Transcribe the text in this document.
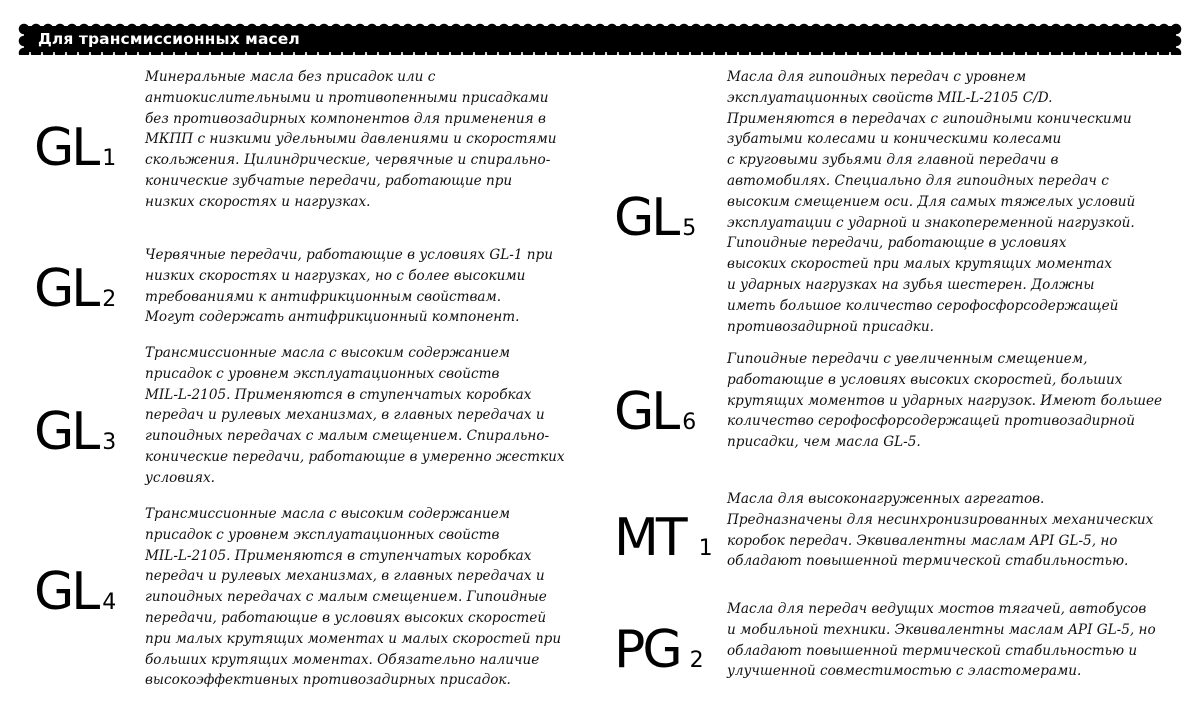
Для трансмиссионных масел
GL 1

Минеральные масла без присадок или с
антиокислительными и противопенными присадками
без противозадирных компонентов для применения в
МКПП с низкими удельными давлениями и скоростями
скольжения. Цилиндрические, червячные и спирально-
конические зубчатые передачи, работающие при
низких скоростях и нагрузках.

GL 2

Червячные передачи, работающие в условиях GL-1 при
низких скоростях и нагрузках, но с более высокими
требованиями к антифрикционным свойствам.
Могут содержать антифрикционный компонент.

GL 3

Трансмиссионные масла с высоким содержанием
присадок с уровнем эксплуатационных свойств
MIL-L-2105. Применяются в ступенчатых коробках
передач и рулевых механизмах, в главных передачах и
гипоидных передачах с малым смещением. Спирально-
конические передачи, работающие в умеренно жестких
условиях.

GL 4

Трансмиссионные масла с высоким содержанием
присадок с уровнем эксплуатационных свойств
MIL-L-2105. Применяются в ступенчатых коробках
передач и рулевых механизмах, в главных передачах и
гипоидных передачах с малым смещением. Гипоидные
передачи, работающие в условиях высоких скоростей
при малых крутящих моментах и малых скоростей при
больших крутящих моментах. Обязательно наличие
высокоэффективных противозадирных присадок.

GL 5

Масла для гипоидных передач с уровнем
эксплуатационных свойств MIL-L-2105 C/D.
Применяются в передачах с гипоидными коническими
зубатыми колесами и коническими колесами
с круговыми зубьями для главной передачи в
автомобилях. Специально для гипоидных передач с
высоким смещением оси. Для самых тяжелых условий
эксплуатации с ударной и знакопеременной нагрузкой.
Гипоидные передачи, работающие в условиях
высоких скоростей при малых крутящих моментах
и ударных нагрузках на зубья шестерен. Должны
иметь большое количество серофосфорсодержащей
противозадирной присадки.

GL 6

Гипоидные передачи с увеличенным смещением,
работающие в условиях высоких скоростей, больших
крутящих моментов и ударных нагрузок. Имеют большее
количество серофосфорсодержащей противозадирной
присадки, чем масла GL-5.

MT 1

Масла для высоконагруженных агрегатов.
Предназначены для несинхронизированных механических
коробок передач. Эквивалентны маслам API GL-5, но
обладают повышенной термической стабильностью.

PG 2

Масла для передач ведущих мостов тягачей, автобусов
и мобильной техники. Эквивалентны маслам API GL-5, но
обладают повышенной термической стабильностью и
улучшенной совместимостью с эластомерами.
